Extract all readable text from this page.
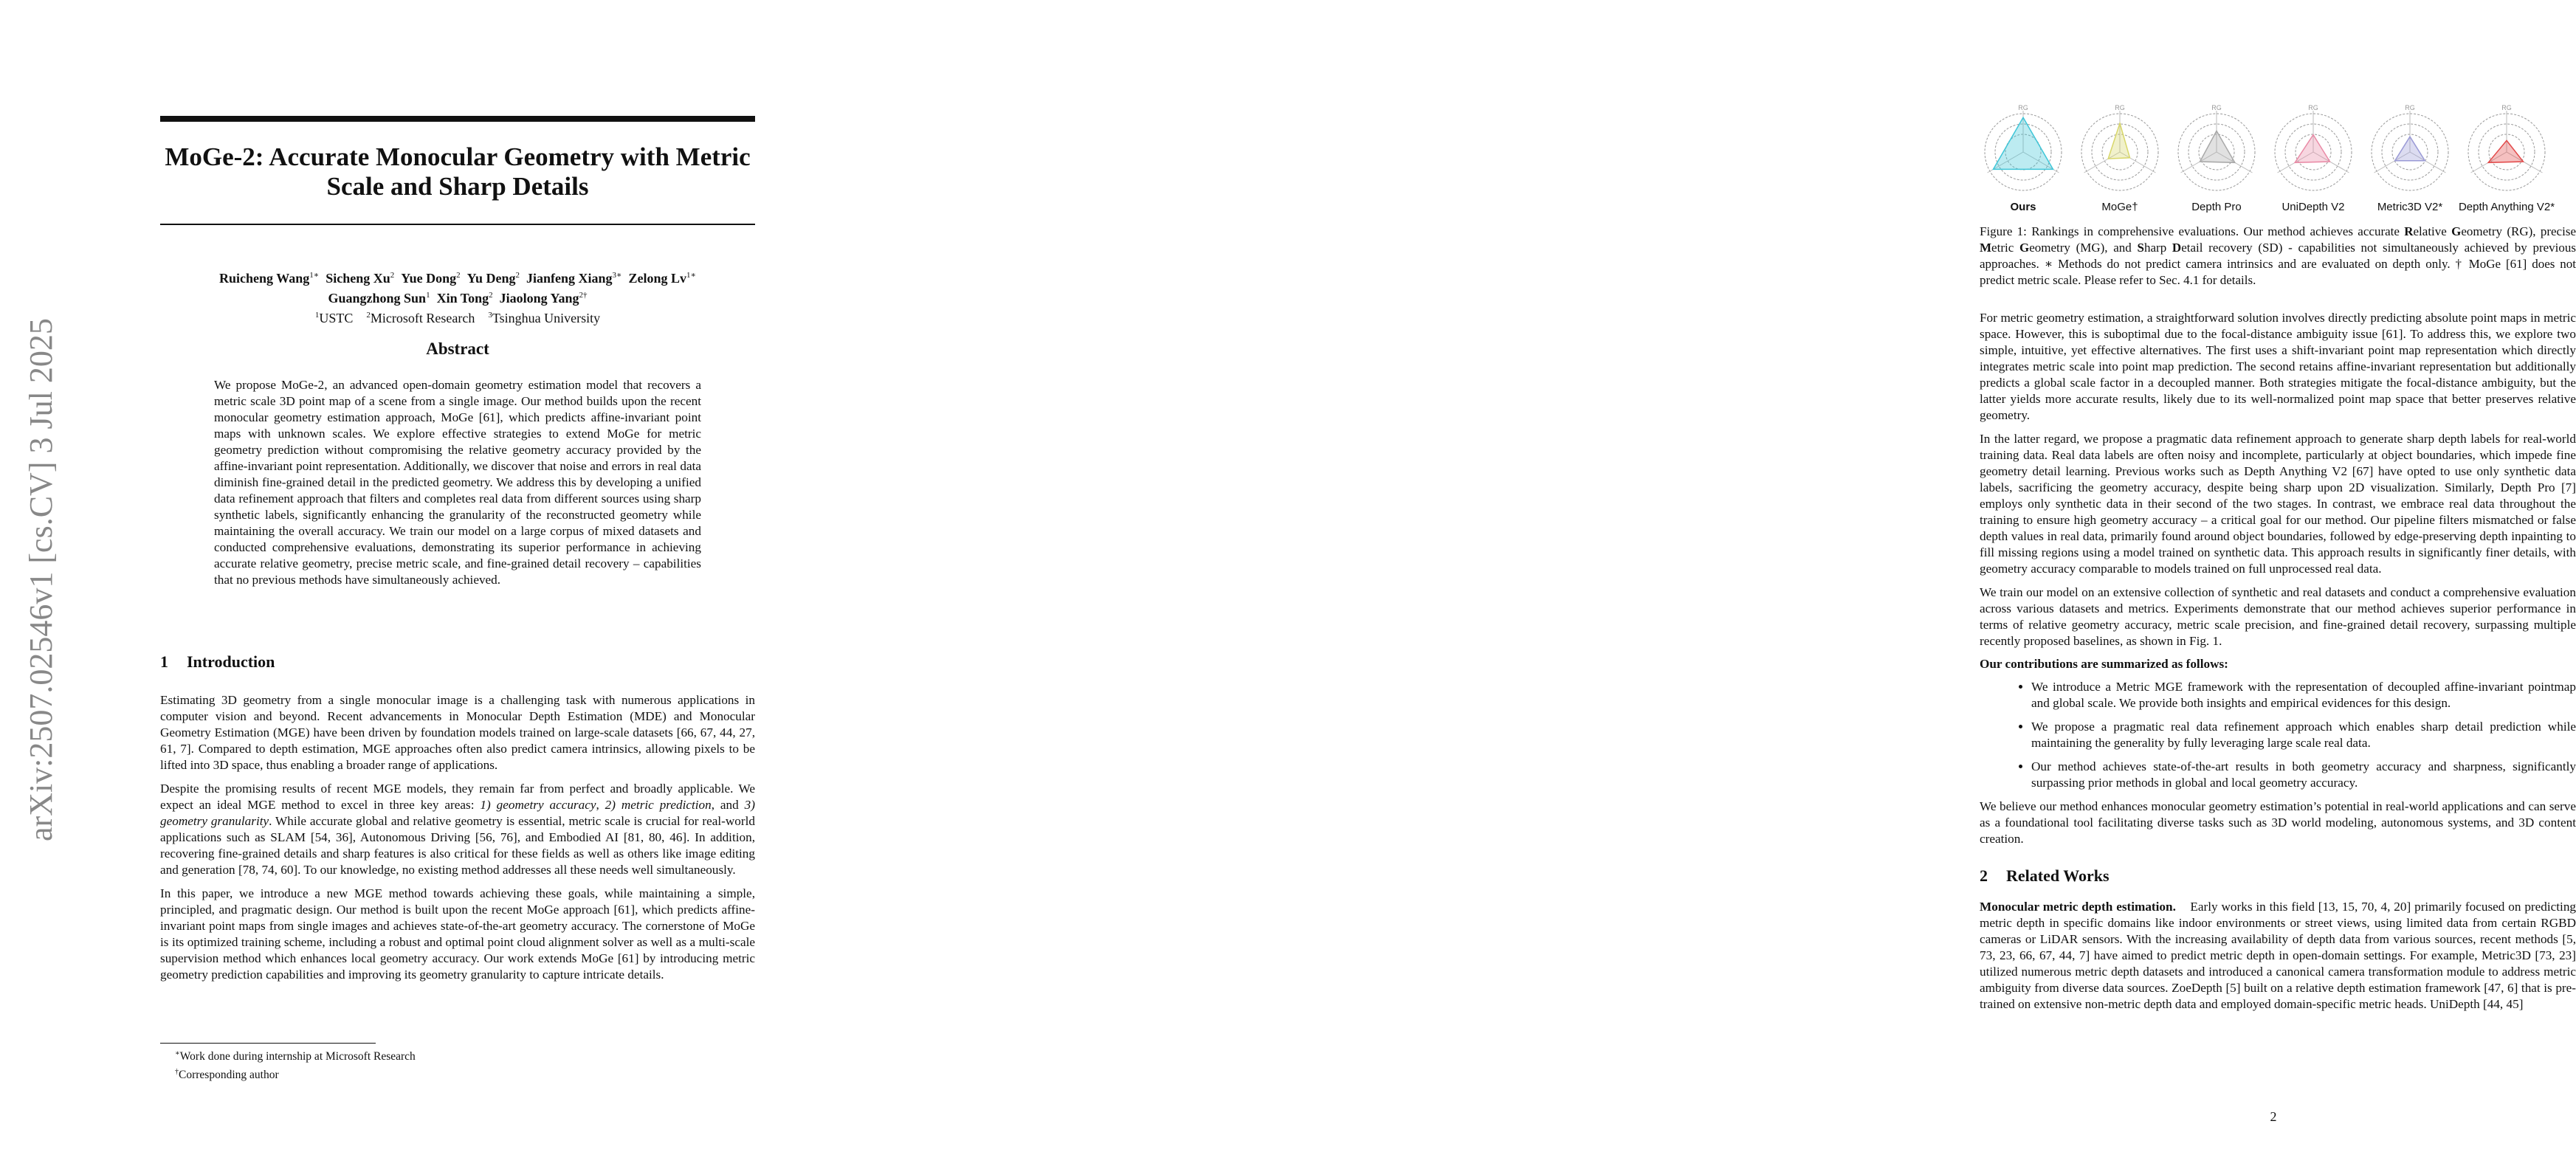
arXiv:2507.02546v1 [cs.CV] 3 Jul 2025
MoGe-2: Accurate Monocular Geometry with Metric
Scale and Sharp Details
Ruicheng Wang$^{1∗}$ Sicheng Xu$^2$ Yue Dong$^2$ Yu Deng$^2$ Jianfeng Xiang$^{3∗}$ Zelong $Lv^{1∗}$
Guangzhong Sun$^1$ Xin Tong$^2$ Jiaolong Yang$^{2\dagger}$
$^1$USTC $^2$Microsoft Research $^3$Tsinghua University
Abstract
We propose MoGe-2, an advanced open-domain geometry estimation model that recovers a metric scale 3D point map of a scene from a single image. Our method builds upon the recent monocular geometry estimation approach, MoGe [61], which predicts affine-invariant point maps with unknown scales. We explore effective strategies to extend MoGe for metric geometry prediction without compromising the relative geometry accuracy provided by the affine-invariant point representation. Additionally, we discover that noise and errors in real data diminish fine-grained detail in the predicted geometry. We address this by developing a unified data refinement approach that filters and completes real data from different sources using sharp synthetic labels, significantly enhancing the granularity of the reconstructed geometry while maintaining the overall accuracy. We train our model on a large corpus of mixed datasets and conducted comprehensive evaluations, demonstrating its superior performance in achieving accurate relative geometry, precise metric scale, and fine-grained detail recovery – capabilities that no previous methods have simultaneously achieved.
1 Introduction

Estimating 3D geometry from a single monocular image is a challenging task with numerous applications in computer vision and beyond. Recent advancements in Monocular Depth Estimation (MDE) and Monocular Geometry Estimation (MGE) have been driven by foundation models trained on large-scale datasets [66, 67, 44, 27, 61, 7]. Compared to depth estimation, MGE approaches often also predict camera intrinsics, allowing pixels to be lifted into 3D space, thus enabling a broader range of applications.

Despite the promising results of recent MGE models, they remain far from perfect and broadly applicable. We expect an ideal MGE method to excel in three key areas: 1) geometry accuracy, 2) metric prediction, and 3) geometry granularity. While accurate global and relative geometry is essential, metric scale is crucial for real-world applications such as SLAM [54, 36], Autonomous Driving [56, 76], and Embodied AI [81, 80, 46]. In addition, recovering fine-grained details and sharp features is also critical for these fields as well as others like image editing and generation [78, 74, 60]. To our knowledge, no existing method addresses all these needs well simultaneously.

In this paper, we introduce a new MGE method towards achieving these goals, while maintaining a simple, principled, and pragmatic design. Our method is built upon the recent MoGe approach [61], which predicts affine-invariant point maps from single images and achieves state-of-the-art geometry accuracy. The cornerstone of MoGe is its optimized training scheme, including a robust and optimal point cloud alignment solver as well as a multi-scale supervision method which enhances local geometry accuracy. Our work extends MoGe [61] by introducing metric geometry prediction capabilities and improving its geometry granularity to capture intricate details.

∗Work done during internship at Microsoft Research
†Corresponding author
RG
Ours
RG
MoGe†
RG
Depth Pro
RG
UniDepth V2
RG
Metric3D V2*
RG
Depth Anything V2*
Figure 1: Rankings in comprehensive evaluations. Our method achieves accurate Relative Geometry (RG), precise Metric Geometry (MG), and Sharp Detail recovery (SD) - capabilities not simultaneously achieved by previous approaches. ∗ Methods do not predict camera intrinsics and are evaluated on depth only. † MoGe [61] does not predict metric scale. Please refer to Sec. 4.1 for details.

For metric geometry estimation, a straightforward solution involves directly predicting absolute point maps in metric space. However, this is suboptimal due to the focal-distance ambiguity issue [61]. To address this, we explore two simple, intuitive, yet effective alternatives. The first uses a shift-invariant point map representation which directly integrates metric scale into point map prediction. The second retains affine-invariant representation but additionally predicts a global scale factor in a decoupled manner. Both strategies mitigate the focal-distance ambiguity, but the latter yields more accurate results, likely due to its well-normalized point map space that better preserves relative geometry.

In the latter regard, we propose a pragmatic data refinement approach to generate sharp depth labels for real-world training data. Real data labels are often noisy and incomplete, particularly at object boundaries, which impede fine geometry detail learning. Previous works such as Depth Anything V2 [67] have opted to use only synthetic data labels, sacrificing the geometry accuracy, despite being sharp upon 2D visualization. Similarly, Depth Pro [7] employs only synthetic data in their second of the two stages. In contrast, we embrace real data throughout the training to ensure high geometry accuracy – a critical goal for our method. Our pipeline filters mismatched or false depth values in real data, primarily found around object boundaries, followed by edge-preserving depth inpainting to fill missing regions using a model trained on synthetic data. This approach results in significantly finer details, with geometry accuracy comparable to models trained on full unprocessed real data.

We train our model on an extensive collection of synthetic and real datasets and conduct a comprehensive evaluation across various datasets and metrics. Experiments demonstrate that our method achieves superior performance in terms of relative geometry accuracy, metric scale precision, and fine-grained detail recovery, surpassing multiple recently proposed baselines, as shown in Fig. 1.

Our contributions are summarized as follows:
• We introduce a Metric MGE framework with the representation of decoupled affine-invariant pointmap and global scale. We provide both insights and empirical evidences for this design.
• We propose a pragmatic real data refinement approach which enables sharp detail prediction while maintaining the generality by fully leveraging large scale real data.
• Our method achieves state-of-the-art results in both geometry accuracy and sharpness, significantly surpassing prior methods in global and local geometry accuracy.

We believe our method enhances monocular geometry estimation’s potential in real-world applications and can serve as a foundational tool facilitating diverse tasks such as 3D world modeling, autonomous systems, and 3D content creation.

2 Related Works

Monocular metric depth estimation. Early works in this field [13, 15, 70, 4, 20] primarily focused on predicting metric depth in specific domains like indoor environments or street views, using limited data from certain RGBD cameras or LiDAR sensors. With the increasing availability of depth data from various sources, recent methods [5, 73, 23, 66, 67, 44, 7] have aimed to predict metric depth in open-domain settings. For example, Metric3D [73, 23] utilized numerous metric depth datasets and introduced a canonical camera transformation module to address metric ambiguity from diverse data sources. ZoeDepth [5] built on a relative depth estimation framework [47, 6] that is pre-trained on extensive non-metric depth data and employed domain-specific metric heads. UniDepth [44, 45]

2
